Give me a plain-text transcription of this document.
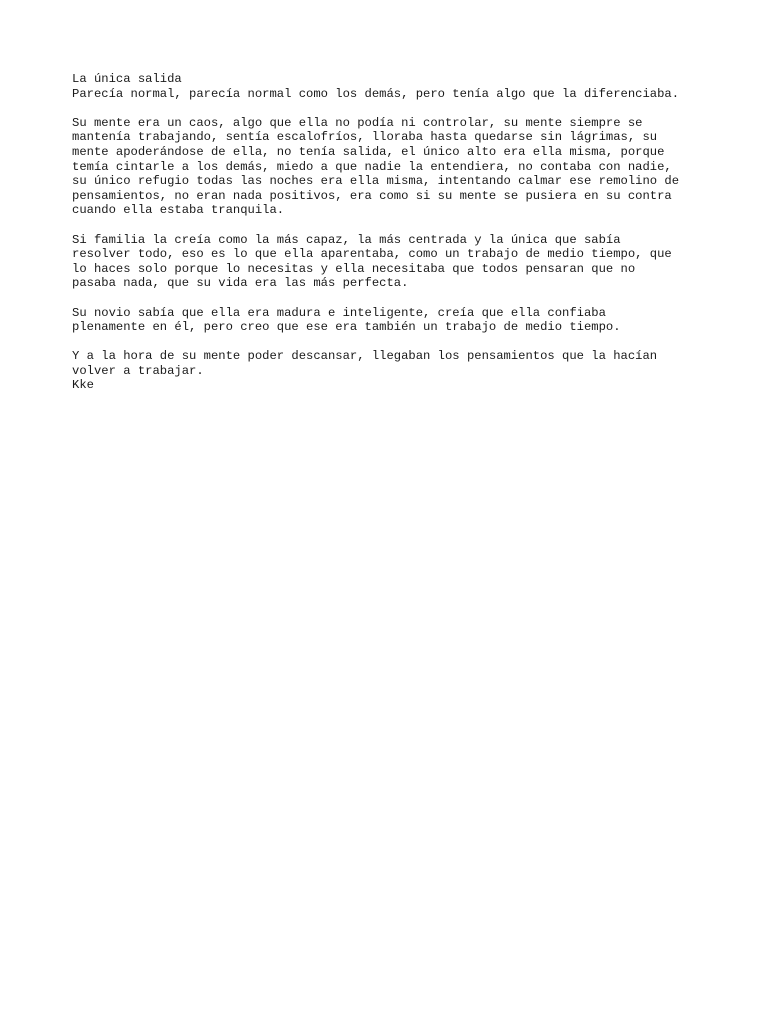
La única salida
Parecía normal, parecía normal como los demás, pero tenía algo que la diferenciaba.
Su mente era un caos, algo que ella no podía ni controlar, su mente siempre se
mantenía trabajando, sentía escalofríos, lloraba hasta quedarse sin lágrimas, su
mente apoderándose de ella, no tenía salida, el único alto era ella misma, porque
temía cintarle a los demás, miedo a que nadie la entendiera, no contaba con nadie,
su único refugio todas las noches era ella misma, intentando calmar ese remolino de
pensamientos, no eran nada positivos, era como si su mente se pusiera en su contra
cuando ella estaba tranquila.
Si familia la creía como la más capaz, la más centrada y la única que sabía
resolver todo, eso es lo que ella aparentaba, como un trabajo de medio tiempo, que
lo haces solo porque lo necesitas y ella necesitaba que todos pensaran que no
pasaba nada, que su vida era las más perfecta.
Su novio sabía que ella era madura e inteligente, creía que ella confiaba
plenamente en él, pero creo que ese era también un trabajo de medio tiempo.
Y a la hora de su mente poder descansar, llegaban los pensamientos que la hacían
volver a trabajar.
Kke
